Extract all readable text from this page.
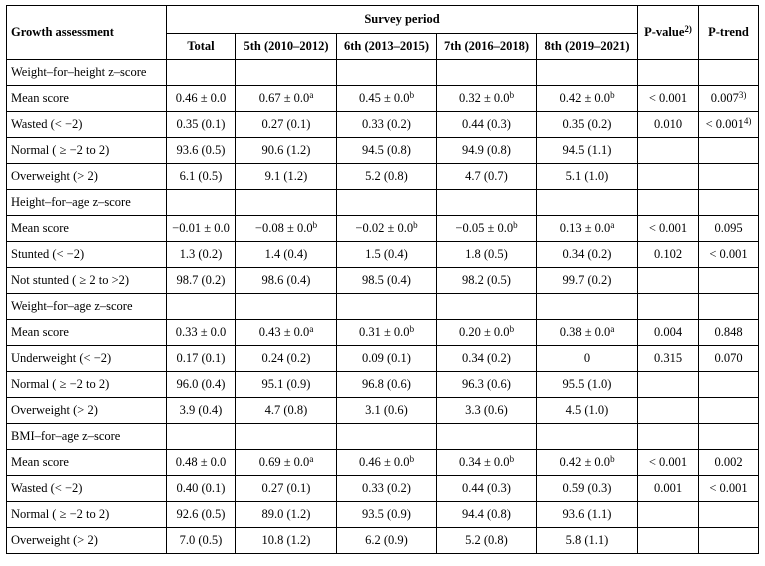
Growth assessment	Survey period					P-value$^{2)}$	P-trend
	Total	5th (2010–2012)	6th (2013–2015)	7th (2016–2018)	8th (2019–2021)		
Weight–for–height z–score							
Mean score	0.46 ± 0.0	0.67 ± 0.0$^a$	0.45 ± 0.0$^b$	0.32 ± 0.0$^b$	0.42 ± 0.0$^b$	< 0.001	0.007$^{3)}$
Wasted (< −2)	0.35 (0.1)	0.27 (0.1)	0.33 (0.2)	0.44 (0.3)	0.35 (0.2)	0.010	< $0.001^{4)}$
Normal ( ≥ −2 to 2)	93.6 (0.5)	90.6 (1.2)	94.5 (0.8)	94.9 (0.8)	94.5 (1.1)		
Overweight (> 2)	6.1 (0.5)	9.1 (1.2)	5.2 (0.8)	4.7 (0.7)	5.1 (1.0)		
Height–for–age z–score							
Mean score	−0.01 ± 0.0	−0.08 ± 0.0$^b$	−0.02 ± 0.0$^b$	−0.05 ± 0.0$^b$	0.13 ± 0.0$^a$	< 0.001	0.095
Stunted (< −2)	1.3 (0.2)	1.4 (0.4)	1.5 (0.4)	1.8 (0.5)	0.34 (0.2)	0.102	< 0.001
Not stunted ( ≥ 2 to >2)	98.7 (0.2)	98.6 (0.4)	98.5 (0.4)	98.2 (0.5)	99.7 (0.2)		
Weight–for–age z–score							
Mean score	0.33 ± 0.0	0.43 ± 0.0$^a$	0.31 ± 0.0$^b$	0.20 ± 0.0$^b$	0.38 ± 0.0$^a$	0.004	0.848
Underweight (< −2)	0.17 (0.1)	0.24 (0.2)	0.09 (0.1)	0.34 (0.2)	0	0.315	0.070
Normal ( ≥ −2 to 2)	96.0 (0.4)	95.1 (0.9)	96.8 (0.6)	96.3 (0.6)	95.5 (1.0)		
Overweight (> 2)	3.9 (0.4)	4.7 (0.8)	3.1 (0.6)	3.3 (0.6)	4.5 (1.0)		
BMI–for–age z–score							
Mean score	0.48 ± 0.0	0.69 ± 0.0$^a$	0.46 ± 0.0$^b$	0.34 ± 0.0$^b$	0.42 ± 0.0$^b$	< 0.001	0.002
Wasted (< −2)	0.40 (0.1)	0.27 (0.1)	0.33 (0.2)	0.44 (0.3)	0.59 (0.3)	0.001	< 0.001
Normal ( ≥ −2 to 2)	92.6 (0.5)	89.0 (1.2)	93.5 (0.9)	94.4 (0.8)	93.6 (1.1)		
Overweight (> 2)	7.0 (0.5)	10.8 (1.2)	6.2 (0.9)	5.2 (0.8)	5.8 (1.1)		
